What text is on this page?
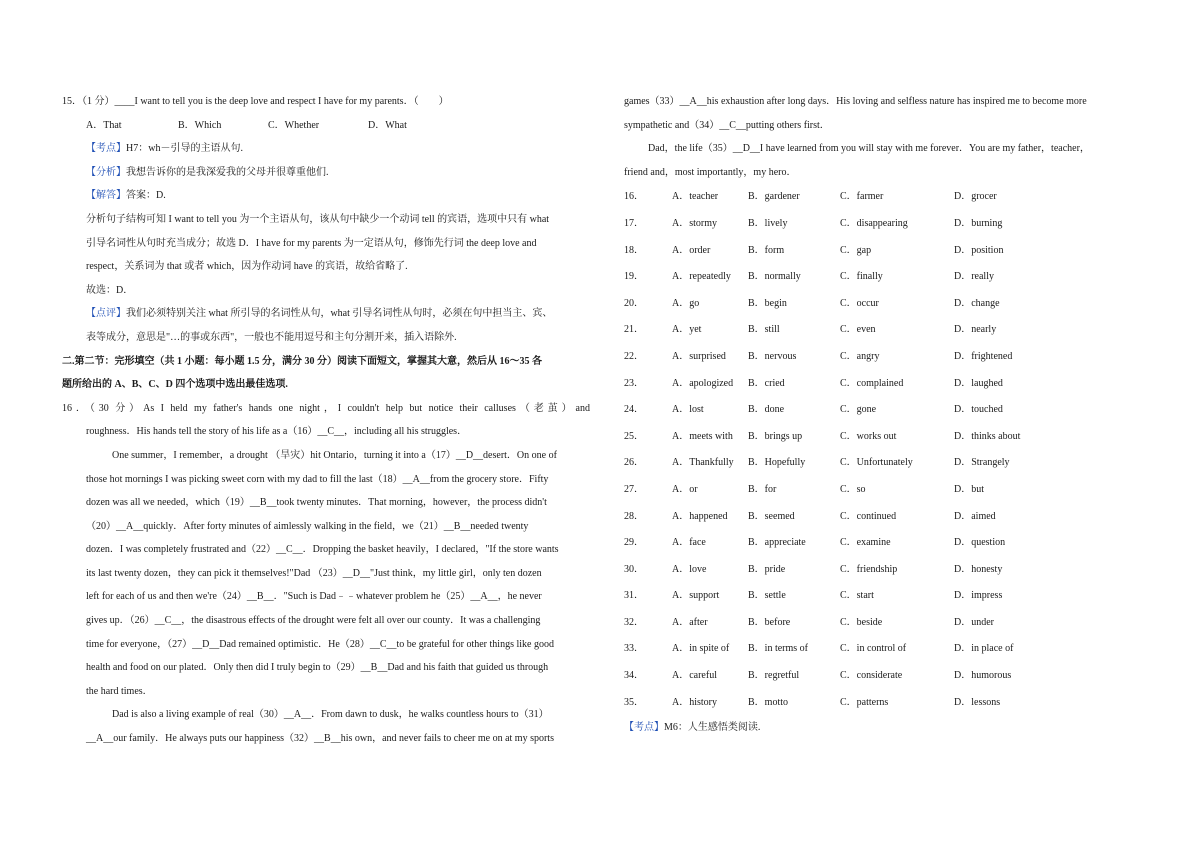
15．（1 分）____I want to tell you is the deep love and respect I have for my parents．（　　）
A．That	B．Which	C．Whether	D．What
【考点】H7：wh－引导的主语从句.
【分析】我想告诉你的是我深爱我的父母并很尊重他们.
【解答】答案：D.
分析句子结构可知 I want to tell you 为一个主语从句，该从句中缺少一个动词 tell 的宾语，选项中只有 what
引导名词性从句时充当成分；故选 D．I have for my parents 为一定语从句，修饰先行词 the deep love and
respect，关系词为 that 或者 which，因为作动词 have 的宾语，故给省略了.
故选：D．
【点评】我们必须特别关注 what 所引导的名词性从句，what 引导名词性从句时，必须在句中担当主、宾、
表等成分，意思是"…的事或东西"，一般也不能用逗号和主句分割开来，插入语除外.
二.第二节：完形填空（共 1 小题：每小题 1.5 分，满分 30 分）阅读下面短文，掌握其大意，然后从 16～35 各
题所给出的 A、B、C、D 四个选项中选出最佳选项.
16．（30 分）As I held my father's hands one night，I couldn't help but notice their calluses（老茧）and
roughness．His hands tell the story of his life as a（16）__C__，including all his struggles．
One summer，I remember，a drought （旱灾）hit Ontario，turning it into a（17）__D__desert．On one of
those hot mornings I was picking sweet corn with my dad to fill the last（18）__A__from the grocery store．Fifty
dozen was all we needed，which（19）__B__took twenty minutes．That morning，however，the process didn't
（20）__A__quickly．After forty minutes of aimlessly walking in the field，we（21）__B__needed twenty
dozen．I was completely frustrated and（22）__C__．Dropping the basket heavily，I declared，"If the store wants
its last twenty dozen，they can pick it themselves!"Dad （23）__D__"Just think，my little girl，only ten dozen
left for each of us and then we're（24）__B__．"Such is Dad﹣﹣whatever problem he（25）__A__，he never
gives up．（26）__C__，the disastrous effects of the drought were felt all over our county．It was a challenging
time for everyone，（27）__D__Dad remained optimistic．He（28）__C__to be grateful for other things like good
health and food on our plated．Only then did I truly begin to（29）__B__Dad and his faith that guided us through
the hard times．
Dad is also a living example of real（30）__A__．From dawn to dusk，he walks countless hours to（31）
__A__our family．He always puts our happiness（32）__B__his own，and never fails to cheer me on at my sports
games（33）__A__his exhaustion after long days．His loving and selfless nature has inspired me to become more
sympathetic and（34）__C__putting others first．
Dad，the life（35）__D__I have learned from you will stay with me forever．You are my father，teacher，
friend and，most importantly，my hero．
16．	A．teacher	B．gardener	C．farmer	D．grocer
17．	A．stormy	B．lively	C．disappearing	D．burning
18．	A．order	B．form	C．gap	D．position
19．	A．repeatedly	B．normally	C．finally	D．really
20．	A．go	B．begin	C．occur	D．change
21．	A．yet	B．still	C．even	D．nearly
22．	A．surprised	B．nervous	C．angry	D．frightened
23．	A．apologized	B．cried	C．complained	D．laughed
24．	A．lost	B．done	C．gone	D．touched
25．	A．meets with	B．brings up	C．works out	D．thinks about
26．	A．Thankfully	B．Hopefully	C．Unfortunately	D．Strangely
27．	A．or	B．for	C．so	D．but
28．	A．happened	B．seemed	C．continued	D．aimed
29．	A．face	B．appreciate	C．examine	D．question
30．	A．love	B．pride	C．friendship	D．honesty
31．	A．support	B．settle	C．start	D．impress
32．	A．after	B．before	C．beside	D．under
33．	A．in spite of	B．in terms of	C．in control of	D．in place of
34．	A．careful	B．regretful	C．considerate	D．humorous
35．	A．history	B．motto	C．patterns	D．lessons
【考点】M6：人生感悟类阅读.
